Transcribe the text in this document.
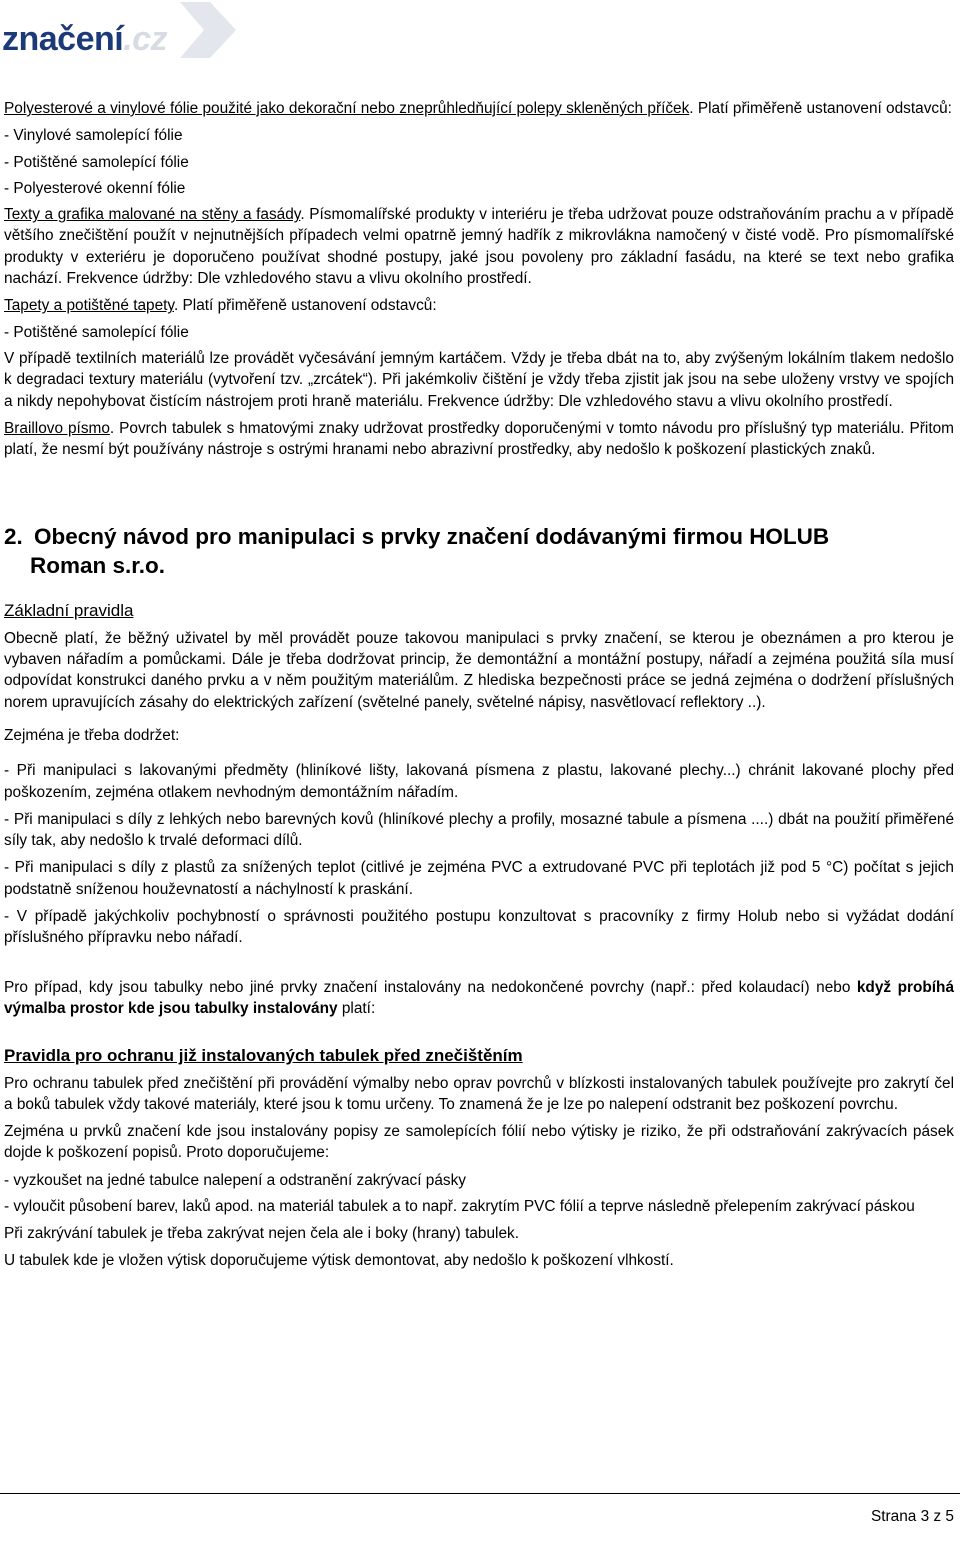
značení.cz

Polyesterové a vinylové fólie použité jako dekorační nebo zneprůhledňující polepy skleněných příček. Platí přiměřeně ustanovení odstavců:

- Vinylové samolepící fólie

- Potištěné samolepící fólie

- Polyesterové okenní fólie

Texty a grafika malované na stěny a fasády. Písmomalířské produkty v interiéru je třeba udržovat pouze odstraňováním prachu a v případě většího znečištění použít v nejnutnějších případech velmi opatrně jemný hadřík z mikrovlákna namočený v čisté vodě. Pro písmomalířské produkty v exteriéru je doporučeno používat shodné postupy, jaké jsou povoleny pro základní fasádu, na které se text nebo grafika nachází. Frekvence údržby: Dle vzhledového stavu a vlivu okolního prostředí.

Tapety a potištěné tapety. Platí přiměřeně ustanovení odstavců:

- Potištěné samolepící fólie

V případě textilních materiálů lze provádět vyčesávání jemným kartáčem. Vždy je třeba dbát na to, aby zvýšeným lokálním tlakem nedošlo k degradaci textury materiálu (vytvoření tzv. „zrcátek“). Při jakémkoliv čištění je vždy třeba zjistit jak jsou na sebe uloženy vrstvy ve spojích a nikdy nepohybovat čistícím nástrojem proti hraně materiálu. Frekvence údržby: Dle vzhledového stavu a vlivu okolního prostředí.

Braillovo písmo. Povrch tabulek s hmatovými znaky udržovat prostředky doporučenými v tomto návodu pro příslušný typ materiálu. Přitom platí, že nesmí být používány nástroje s ostrými hranami nebo abrazivní prostředky, aby nedošlo k poškození plastických znaků.

2. Obecný návod pro manipulaci s prvky značení dodávanými firmou HOLUB
Roman s.r.o.

Základní pravidla

Obecně platí, že běžný uživatel by měl provádět pouze takovou manipulaci s prvky značení, se kterou je obeznámen a pro kterou je vybaven nářadím a pomůckami. Dále je třeba dodržovat princip, že demontážní a montážní postupy, nářadí a zejména použitá síla musí odpovídat konstrukci daného prvku a v něm použitým materiálům. Z hlediska bezpečnosti práce se jedná zejména o dodržení příslušných norem upravujících zásahy do elektrických zařízení (světelné panely, světelné nápisy, nasvětlovací reflektory ..).

Zejména je třeba dodržet:

- Při manipulaci s lakovanými předměty (hliníkové lišty, lakovaná písmena z plastu, lakované plechy...) chránit lakované plochy před poškozením, zejména otlakem nevhodným demontážním nářadím.

- Při manipulaci s díly z lehkých nebo barevných kovů (hliníkové plechy a profily, mosazné tabule a písmena ....) dbát na použití přiměřené síly tak, aby nedošlo k trvalé deformaci dílů.

- Při manipulaci s díly z plastů za snížených teplot (citlivé je zejména PVC a extrudované PVC při teplotách již pod 5 °C) počítat s jejich podstatně sníženou houževnatostí a náchylností k praskání.

- V případě jakýchkoliv pochybností o správnosti použitého postupu konzultovat s pracovníky z firmy Holub nebo si vyžádat dodání příslušného přípravku nebo nářadí.

Pro případ, kdy jsou tabulky nebo jiné prvky značení instalovány na nedokončené povrchy (např.: před kolaudací) nebo když probíhá výmalba prostor kde jsou tabulky instalovány platí:

Pravidla pro ochranu již instalovaných tabulek před znečištěním

Pro ochranu tabulek před znečištění při provádění výmalby nebo oprav povrchů v blízkosti instalovaných tabulek používejte pro zakrytí čel a boků tabulek vždy takové materiály, které jsou k tomu určeny. To znamená že je lze po nalepení odstranit bez poškození povrchu.

Zejména u prvků značení kde jsou instalovány popisy ze samolepících fólií nebo výtisky je riziko, že při odstraňování zakrývacích pásek dojde k poškození popisů. Proto doporučujeme:

- vyzkoušet na jedné tabulce nalepení a odstranění zakrývací pásky

- vyloučit působení barev, laků apod. na materiál tabulek a to např. zakrytím PVC fólií a teprve následně přelepením zakrývací páskou

Při zakrývání tabulek je třeba zakrývat nejen čela ale i boky (hrany) tabulek.

U tabulek kde je vložen výtisk doporučujeme výtisk demontovat, aby nedošlo k poškození vlhkostí.

Strana 3 z 5
